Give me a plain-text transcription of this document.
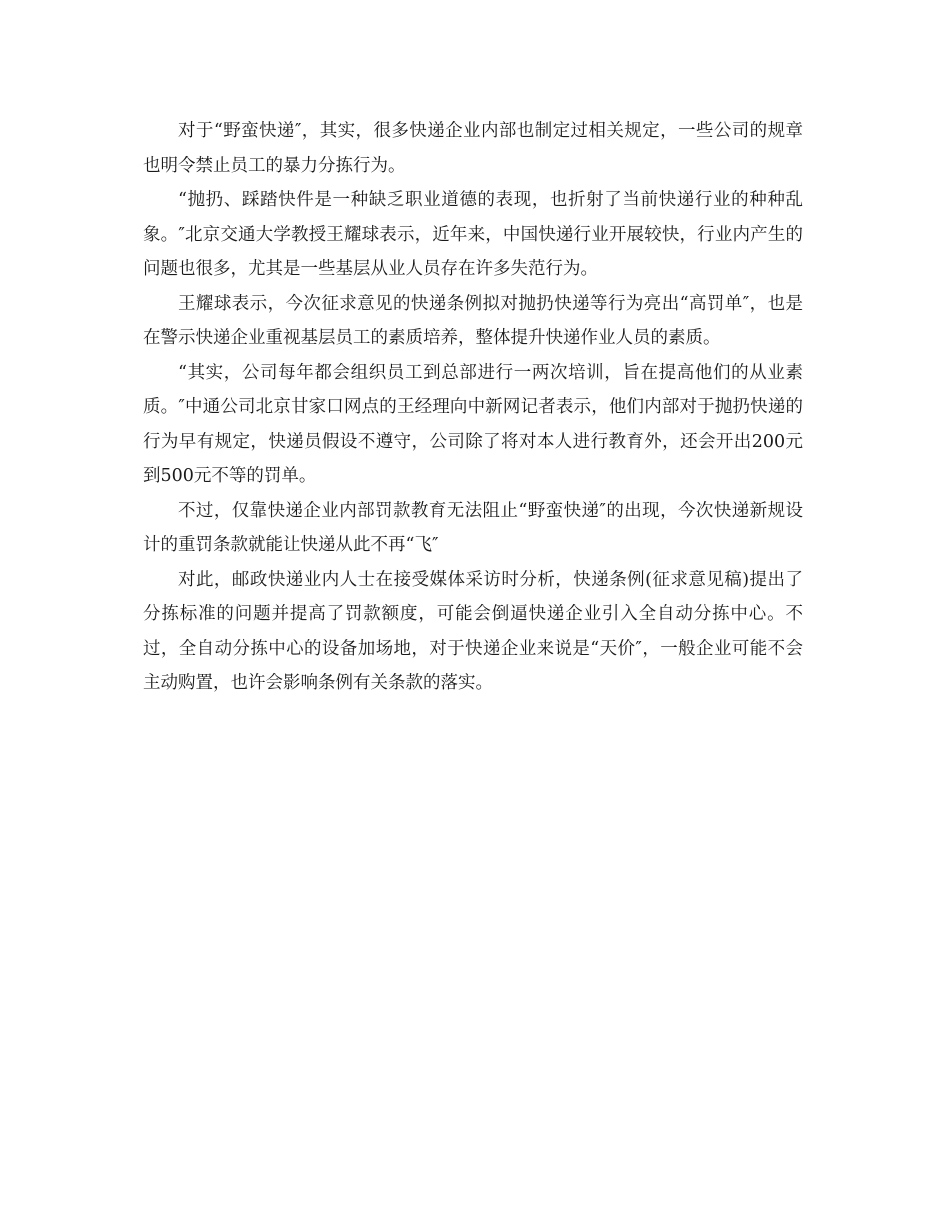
对于“野蛮快递″，其实，很多快递企业内部也制定过相关规定，一些公司的规章也明令禁止员工的暴力分拣行为。

“抛扔、踩踏快件是一种缺乏职业道德的表现，也折射了当前快递行业的种种乱象。″北京交通大学教授王耀球表示，近年来，中国快递行业开展较快，行业内产生的问题也很多，尤其是一些基层从业人员存在许多失范行为。

王耀球表示，今次征求意见的快递条例拟对抛扔快递等行为亮出“高罚单″，也是在警示快递企业重视基层员工的素质培养，整体提升快递作业人员的素质。

“其实，公司每年都会组织员工到总部进行一两次培训，旨在提高他们的从业素质。″中通公司北京甘家口网点的王经理向中新网记者表示，他们内部对于抛扔快递的行为早有规定，快递员假设不遵守，公司除了将对本人进行教育外，还会开出200元到500元不等的罚单。

不过，仅靠快递企业内部罚款教育无法阻止“野蛮快递″的出现，今次快递新规设计的重罚条款就能让快递从此不再“飞″

对此，邮政快递业内人士在接受媒体采访时分析，快递条例(征求意见稿)提出了分拣标准的问题并提高了罚款额度，可能会倒逼快递企业引入全自动分拣中心。不过，全自动分拣中心的设备加场地，对于快递企业来说是“天价″，一般企业可能不会主动购置，也许会影响条例有关条款的落实。
